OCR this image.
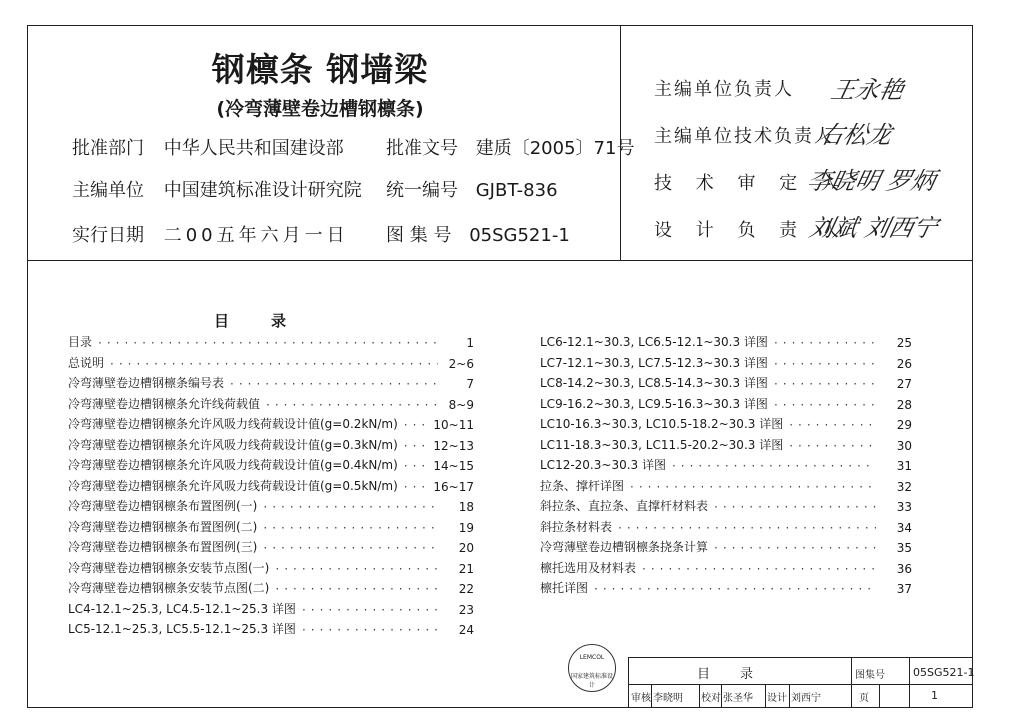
钢檩条 钢墙梁
(冷弯薄壁卷边槽钢檩条)
批准部门 中华人民共和国建设部 批准文号 建质〔2005〕71号
主编单位 中国建筑标准设计研究院 统一编号 GJBT-836
实行日期 二00五年六月一日 图 集 号 05SG521-1
主编单位负责人 王永艳
主编单位技术负责人
右松龙
技 术 审 定 人
李晓明 罗炳
设 计 负 责 人
刘斌 刘西宁
目录
目录 ·····	1
总说明 ·····	2~6
冷弯薄壁卷边槽钢檩条编号表 ·····	7
冷弯薄壁卷边槽钢檩条允许线荷载值 ·····	8~9
冷弯薄壁卷边槽钢檩条允许风吸力线荷载设计值(g=0.2kN/m) ·····	10~11
冷弯薄壁卷边槽钢檩条允许风吸力线荷载设计值(g=0.3kN/m) ·····	12~13
冷弯薄壁卷边槽钢檩条允许风吸力线荷载设计值(g=0.4kN/m) ·····	14~15
冷弯薄壁卷边槽钢檩条允许风吸力线荷载设计值(g=0.5kN/m) ·····	16~17
冷弯薄壁卷边槽钢檩条布置图例(一) ·····	18
冷弯薄壁卷边槽钢檩条布置图例(二) ·····	19
冷弯薄壁卷边槽钢檩条布置图例(三) ·····	20
冷弯薄壁卷边槽钢檩条安装节点图(一) ·····	21
冷弯薄壁卷边槽钢檩条安装节点图(二) ·····	22
LC4-12.1~25.3, LC4.5-12.1~25.3 详图 ·····	23
LC5-12.1~25.3, LC5.5-12.1~25.3 详图 ·····	24
LC6-12.1~30.3, LC6.5-12.1~30.3 详图 ·····	25
LC7-12.1~30.3, LC7.5-12.3~30.3 详图 ·····	26
LC8-14.2~30.3, LC8.5-14.3~30.3 详图 ·····	27
LC9-16.2~30.3, LC9.5-16.3~30.3 详图 ·····	28
LC10-16.3~30.3, LC10.5-18.2~30.3 详图 ·····	29
LC11-18.3~30.3, LC11.5-20.2~30.3 详图 ·····	30
LC12-20.3~30.3 详图 ·····	31
拉条、撑杆详图 ·····	32
斜拉条、直拉条、直撑杆材料表 ·····	33
斜拉条材料表 ·····	34
冷弯薄壁卷边槽钢檩条挠条计算 ·····	35
檩托选用及材料表 ·····	36
檩托详图 ·····	37
LEMCOL
国家建筑标准设计
目录	图集号	05SG521-1
审核 李晓明 校对 张圣华 设计 刘西宁	页	1
